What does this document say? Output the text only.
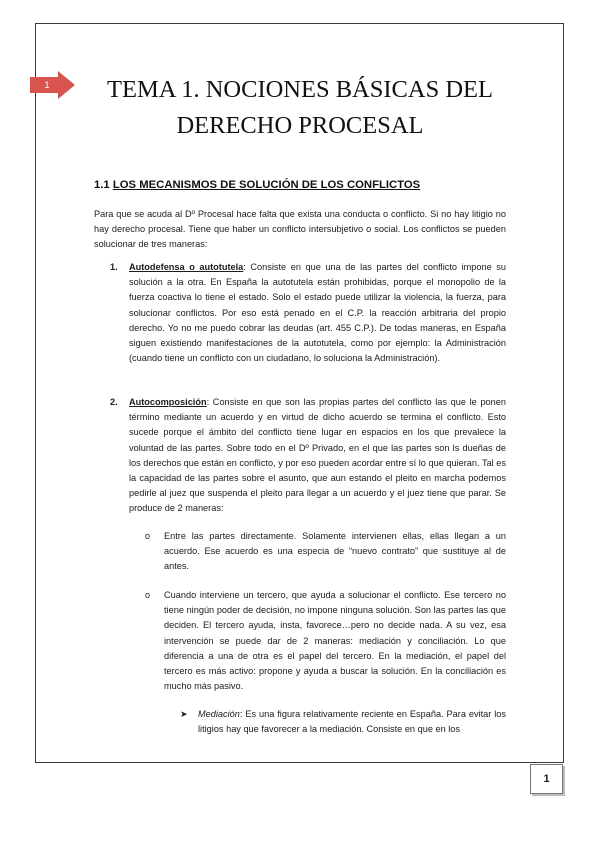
1	TEMA 1. NOCIONES BÁSICAS DEL
DERECHO PROCESAL
1.1 LOS MECANISMOS DE SOLUCIÓN DE LOS CONFLICTOS
Para que se acuda al Dº Procesal hace falta que exista una conducta o conflicto. Si no hay litigio no hay derecho procesal. Tiene que haber un conflicto intersubjetivo o social. Los conflictos se pueden solucionar de tres maneras:
1. Autodefensa o autotutela: Consiste en que una de las partes del conflicto impone su solución a la otra. En España la autotutela están prohibidas, porque el monopolio de la fuerza coactiva lo tiene el estado. Solo el estado puede utilizar la violencia, la fuerza, para solucionar conflictos. Por eso está penado en el C.P. la reacción arbitraria del propio derecho. Yo no me puedo cobrar las deudas (art. 455 C.P.). De todas maneras, en España siguen existiendo manifestaciones de la autotutela, como por ejemplo: la Administración (cuando tiene un conflicto con un ciudadano, lo soluciona la Administración).
2. Autocomposición: Consiste en que son las propias partes del conflicto las que le ponen término mediante un acuerdo y en virtud de dicho acuerdo se termina el conflicto. Esto sucede porque el ámbito del conflicto tiene lugar en espacios en los que prevalece la voluntad de las partes. Sobre todo en el Dº Privado, en el que las partes son ls dueñas de los derechos que están en conflicto, y por eso pueden acordar entre sí lo que quieran. Tal es la capacidad de las partes sobre el asunto, que aun estando el pleito en marcha podemos pedirle al juez que suspenda el pleito para llegar a un acuerdo y el juez tiene que parar. Se produce de 2 maneras:
o Entre las partes directamente. Solamente intervienen ellas, ellas llegan a un acuerdo. Ese acuerdo es una especia de “nuevo contrato” que sustituye al de antes.
o Cuando interviene un tercero, que ayuda a solucionar el conflicto. Ese tercero no tiene ningún poder de decisión, no impone ninguna solución. Son las partes las que deciden. El tercero ayuda, insta, favorece…pero no decide nada. A su vez, esa intervención se puede dar de 2 maneras: mediación y conciliación. Lo que diferencia a una de otra es el papel del tercero. En la mediación, el papel del tercero es más activo: propone y ayuda a buscar la solución. En la conciliación es mucho más pasivo.
➤ Mediación: Es una figura relativamente reciente en España. Para evitar los litigios hay que favorecer a la mediación. Consiste en que en los
1
